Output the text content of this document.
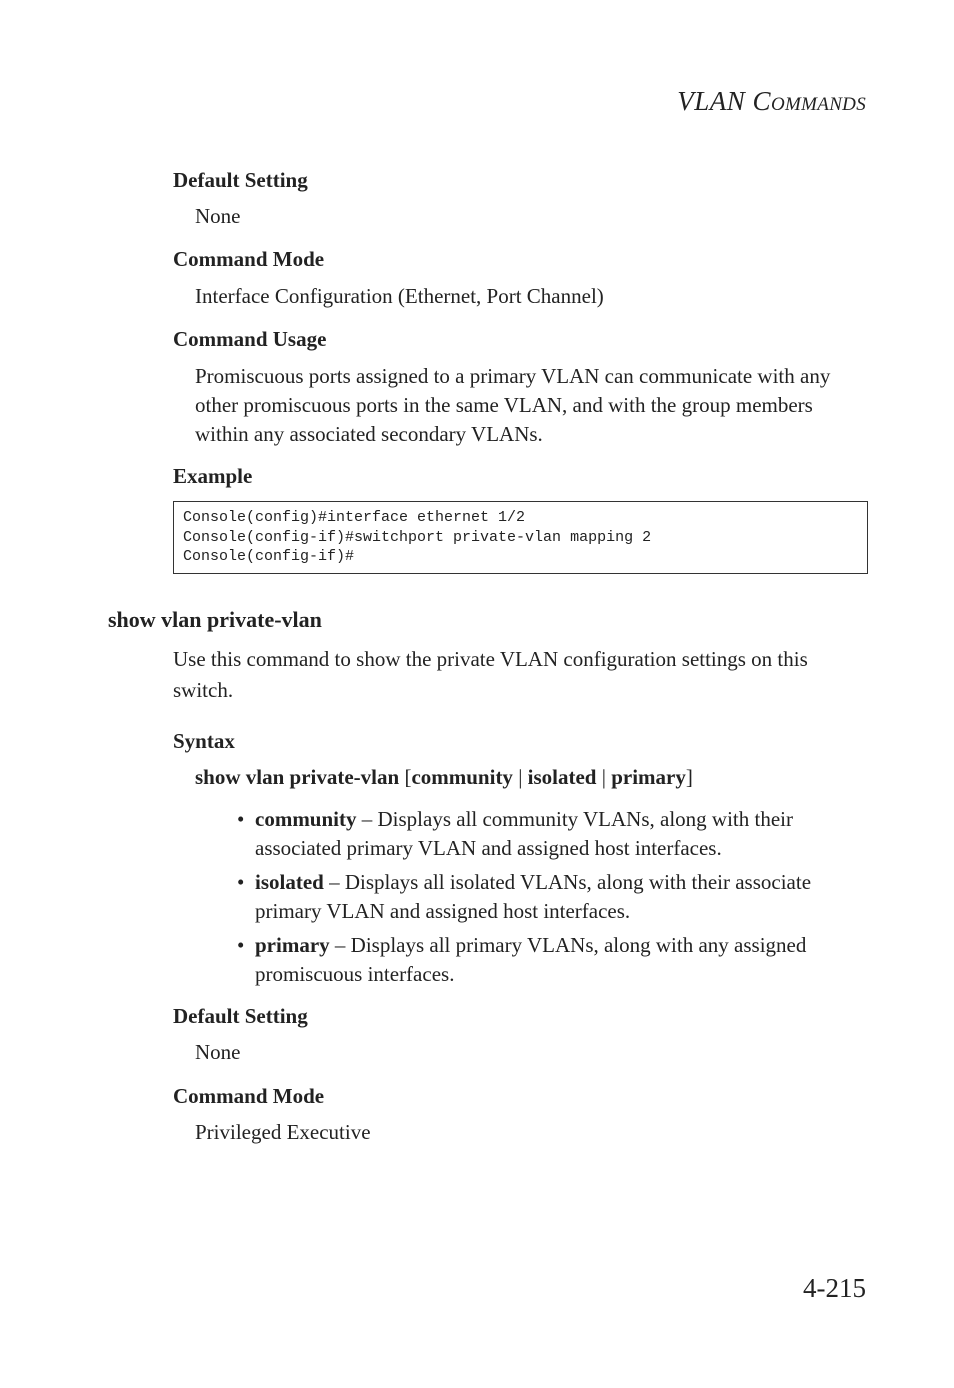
VLAN COMMANDS
Default Setting
None
Command Mode
Interface Configuration (Ethernet, Port Channel)
Command Usage
Promiscuous ports assigned to a primary VLAN can communicate with any other promiscuous ports in the same VLAN, and with the group members within any associated secondary VLANs.
Example
Console(config)#interface ethernet 1/2
Console(config-if)#switchport private-vlan mapping 2
Console(config-if)#
show vlan private-vlan
Use this command to show the private VLAN configuration settings on this switch.
Syntax
show vlan private-vlan [community | isolated | primary]
• community – Displays all community VLANs, along with their associated primary VLAN and assigned host interfaces.
• isolated – Displays all isolated VLANs, along with their associate primary VLAN and assigned host interfaces.
• primary – Displays all primary VLANs, along with any assigned promiscuous interfaces.
Default Setting
None
Command Mode
Privileged Executive
4-215
